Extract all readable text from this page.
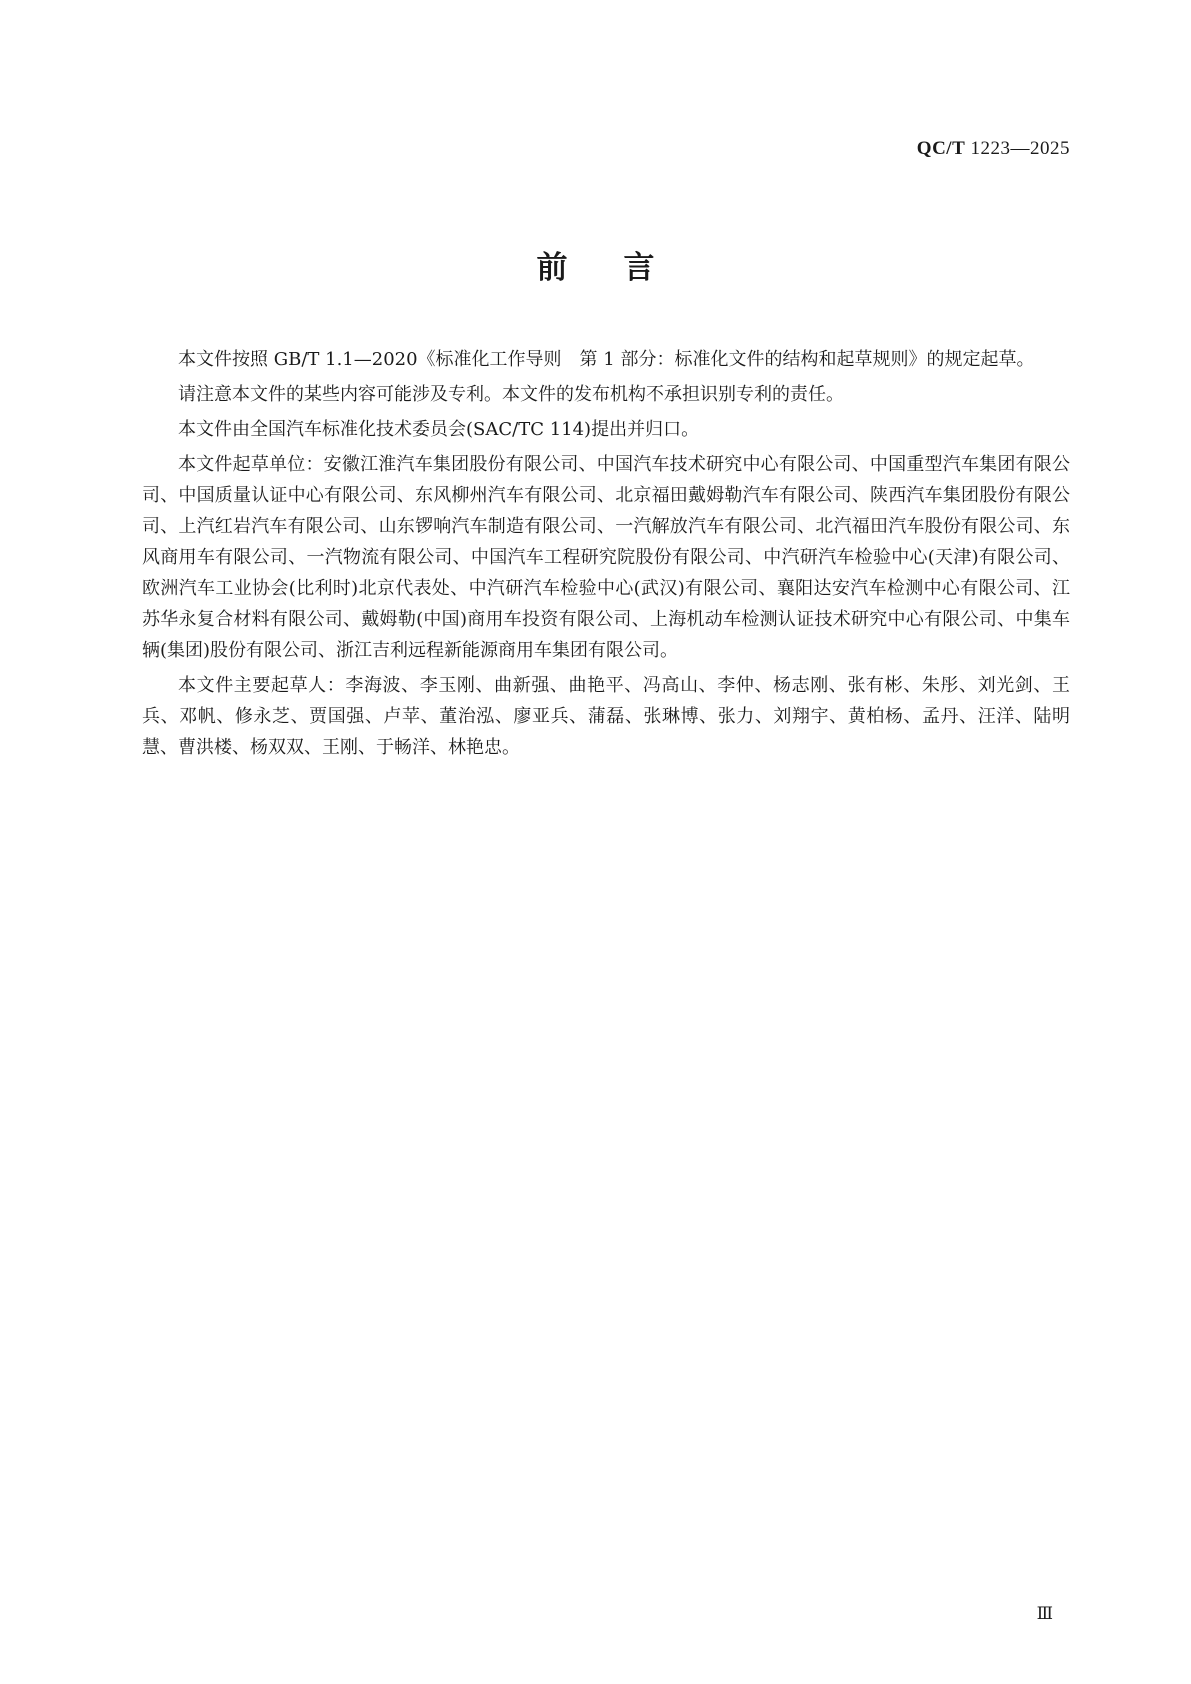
QC/T 1223—2025
前言

本文件按照 GB/T 1.1—2020《标准化工作导则　第 1 部分：标准化文件的结构和起草规则》的规定起草。

请注意本文件的某些内容可能涉及专利。本文件的发布机构不承担识别专利的责任。

本文件由全国汽车标准化技术委员会(SAC/TC 114)提出并归口。

本文件起草单位：安徽江淮汽车集团股份有限公司、中国汽车技术研究中心有限公司、中国重型汽车集团有限公司、中国质量认证中心有限公司、东风柳州汽车有限公司、北京福田戴姆勒汽车有限公司、陕西汽车集团股份有限公司、上汽红岩汽车有限公司、山东锣响汽车制造有限公司、一汽解放汽车有限公司、北汽福田汽车股份有限公司、东风商用车有限公司、一汽物流有限公司、中国汽车工程研究院股份有限公司、中汽研汽车检验中心(天津)有限公司、欧洲汽车工业协会(比利时)北京代表处、中汽研汽车检验中心(武汉)有限公司、襄阳达安汽车检测中心有限公司、江苏华永复合材料有限公司、戴姆勒(中国)商用车投资有限公司、上海机动车检测认证技术研究中心有限公司、中集车辆(集团)股份有限公司、浙江吉利远程新能源商用车集团有限公司。

本文件主要起草人：李海波、李玉刚、曲新强、曲艳平、冯高山、李仲、杨志刚、张有彬、朱彤、刘光剑、王兵、邓帆、修永芝、贾国强、卢苹、董治泓、廖亚兵、蒲磊、张琳博、张力、刘翔宇、黄柏杨、孟丹、汪洋、陆明慧、曹洪楼、杨双双、王刚、于畅洋、林艳忠。

Ⅲ
